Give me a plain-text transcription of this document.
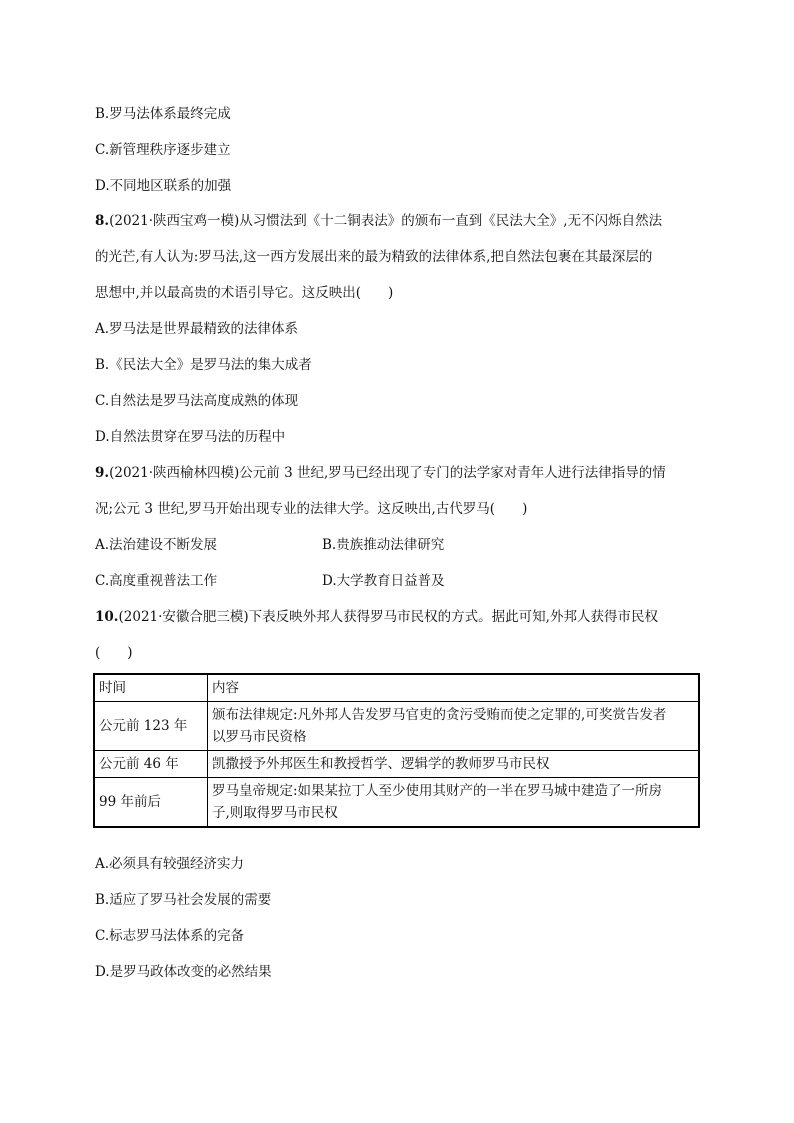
B.罗马法体系最终完成
C.新管理秩序逐步建立
D.不同地区联系的加强
8.(2021·陕西宝鸡一模)从习惯法到《十二铜表法》的颁布一直到《民法大全》,无不闪烁自然法
的光芒,有人认为:罗马法,这一西方发展出来的最为精致的法律体系,把自然法包裹在其最深层的
思想中,并以最高贵的术语引导它。这反映出(　　)
A.罗马法是世界最精致的法律体系
B.《民法大全》是罗马法的集大成者
C.自然法是罗马法高度成熟的体现
D.自然法贯穿在罗马法的历程中
9.(2021·陕西榆林四模)公元前 3 世纪,罗马已经出现了专门的法学家对青年人进行法律指导的情
况;公元 3 世纪,罗马开始出现专业的法律大学。这反映出,古代罗马(　　)
A.法治建设不断发展	B.贵族推动法律研究
C.高度重视普法工作	D.大学教育日益普及
10.(2021·安徽合肥三模)下表反映外邦人获得罗马市民权的方式。据此可知,外邦人获得市民权
(　　)
时间	内容
公元前 123 年	颁布法律规定:凡外邦人告发罗马官吏的贪污受贿而使之定罪的,可奖赏告发者
以罗马市民资格

公元前 46 年	凯撒授予外邦医生和教授哲学、逻辑学的教师罗马市民权

99 年前后	罗马皇帝规定:如果某拉丁人至少使用其财产的一半在罗马城中建造了一所房
子,则取得罗马市民权
A.必须具有较强经济实力
B.适应了罗马社会发展的需要
C.标志罗马法体系的完备
D.是罗马政体改变的必然结果
